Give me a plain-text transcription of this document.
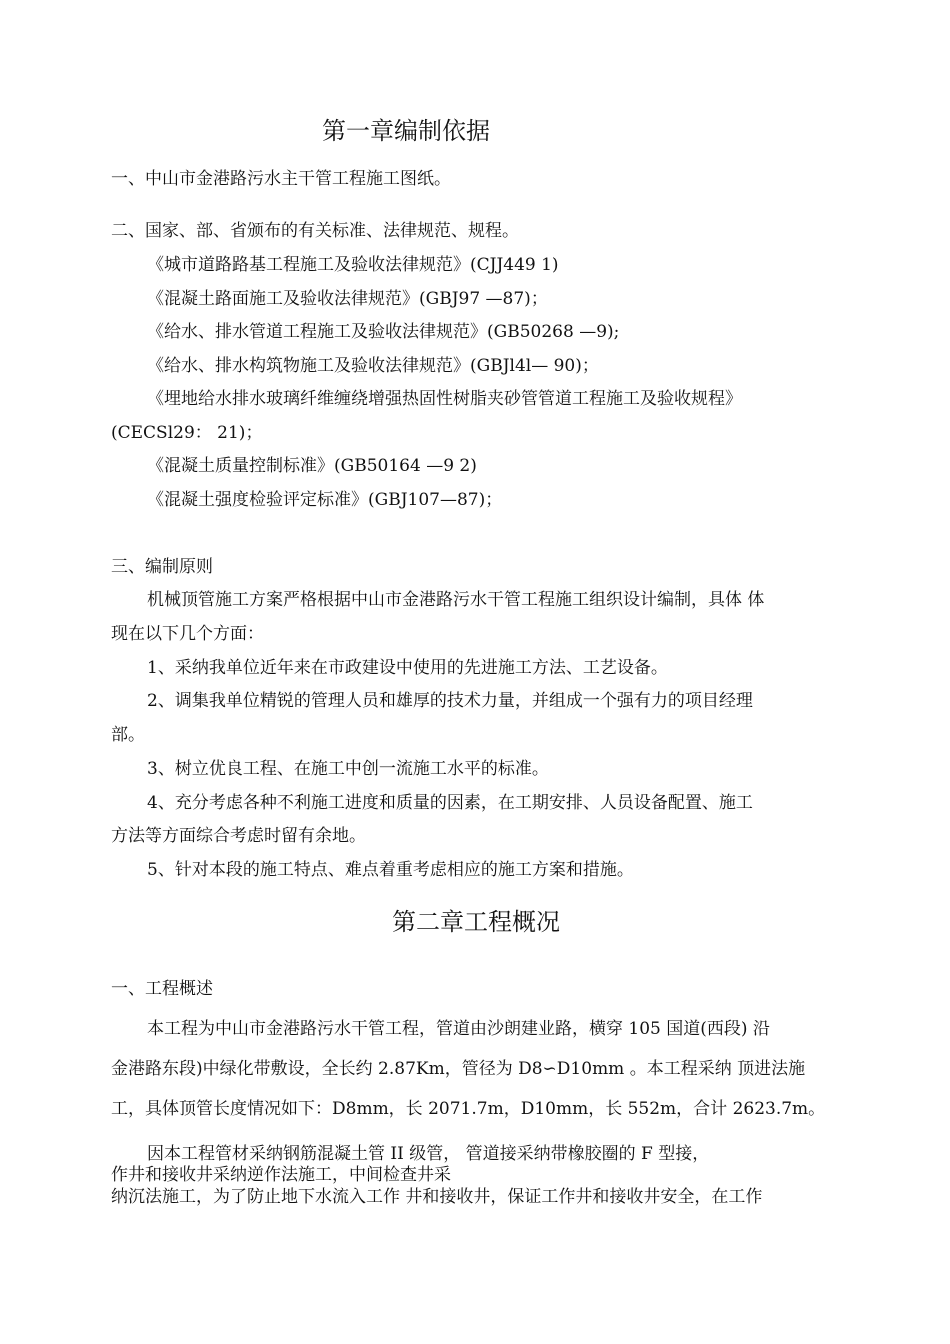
第一章编制依据
一、中山市金港路污水主干管工程施工图纸。
二、国家、部、省颁布的有关标准、法律规范、规程。
《城市道路路基工程施工及验收法律规范》(CJJ449 1)
《混凝土路面施工及验收法律规范》(GBJ97 —87)；
《给水、排水管道工程施工及验收法律规范》(GB50268 —9);
《给水、排水构筑物施工及验收法律规范》(GBJl4l— 90)；
《埋地给水排水玻璃纤维缠绕增强热固性树脂夹砂管管道工程施工及验收规程》
(CECSl29： 21)；
《混凝土质量控制标准》(GB50164 —9 2)
《混凝土强度检验评定标准》(GBJ107—87)；
三、编制原则
机械顶管施工方案严格根据中山市金港路污水干管工程施工组织设计编制，具体 体
现在以下几个方面：
1、采纳我单位近年来在市政建设中使用的先进施工方法、工艺设备。
2、调集我单位精锐的管理人员和雄厚的技术力量，并组成一个强有力的项目经理
部。
3、树立优良工程、在施工中创一流施工水平的标准。
4、充分考虑各种不利施工进度和质量的因素，在工期安排、人员设备配置、施工
方法等方面综合考虑时留有余地。
5、针对本段的施工特点、难点着重考虑相应的施工方案和措施。
第二章工程概况
一、工程概述
本工程为中山市金港路污水干管工程，管道由沙朗建业路，横穿 105 国道(西段) 沿
金港路东段)中绿化带敷设，全长约 2.87Km，管径为 D8∽D10mm 。本工程采纳 顶进法施
工，具体顶管长度情况如下：D8mm，长 2071.7m，D10mm，长 552m，合计 2623.7m。
因本工程管材采纳钢筋混凝土管 II 级管， 管道接采纳带橡胶圈的 F 型接，
作井和接收井采纳逆作法施工，中间检查井采
纳沉法施工，为了防止地下水流入工作 井和接收井，保证工作井和接收井安全，在工作
